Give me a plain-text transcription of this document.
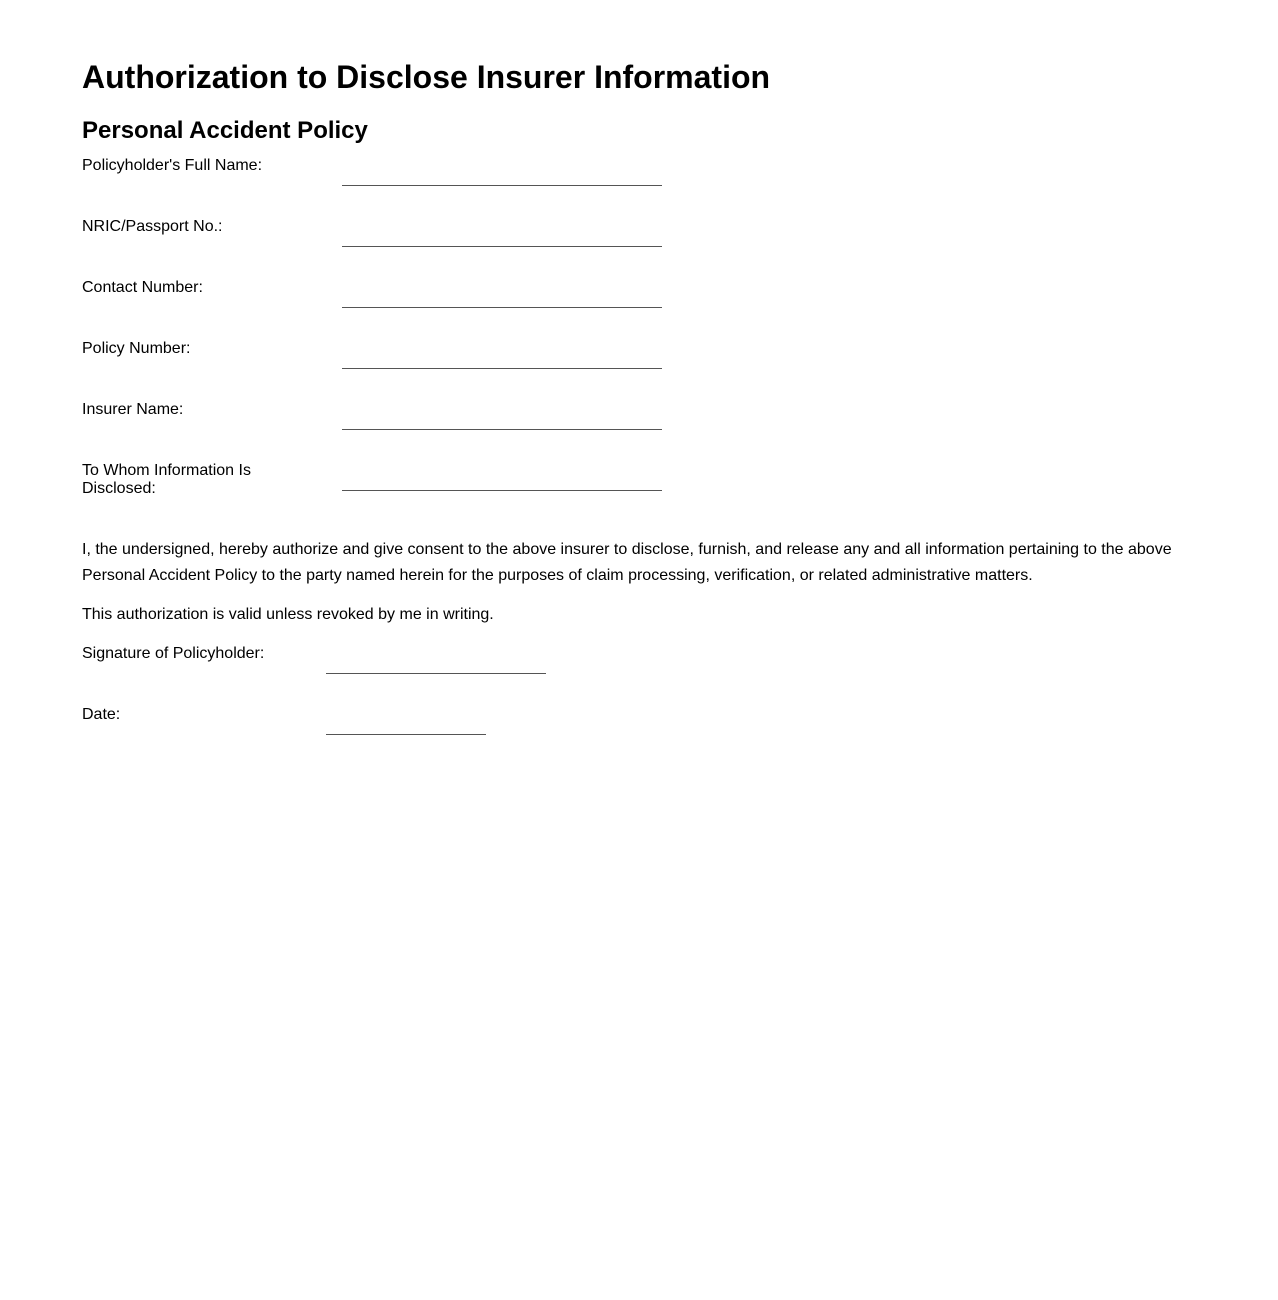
Authorization to Disclose Insurer Information
Personal Accident Policy
Policyholder's Full Name:
NRIC/Passport No.:
Contact Number:
Policy Number:
Insurer Name:
To Whom Information Is Disclosed:

I, the undersigned, hereby authorize and give consent to the above insurer to disclose, furnish, and release any and all information pertaining to the above Personal Accident Policy to the party named herein for the purposes of claim processing, verification, or related administrative matters.

This authorization is valid unless revoked by me in writing.

Signature of Policyholder:
Date:
